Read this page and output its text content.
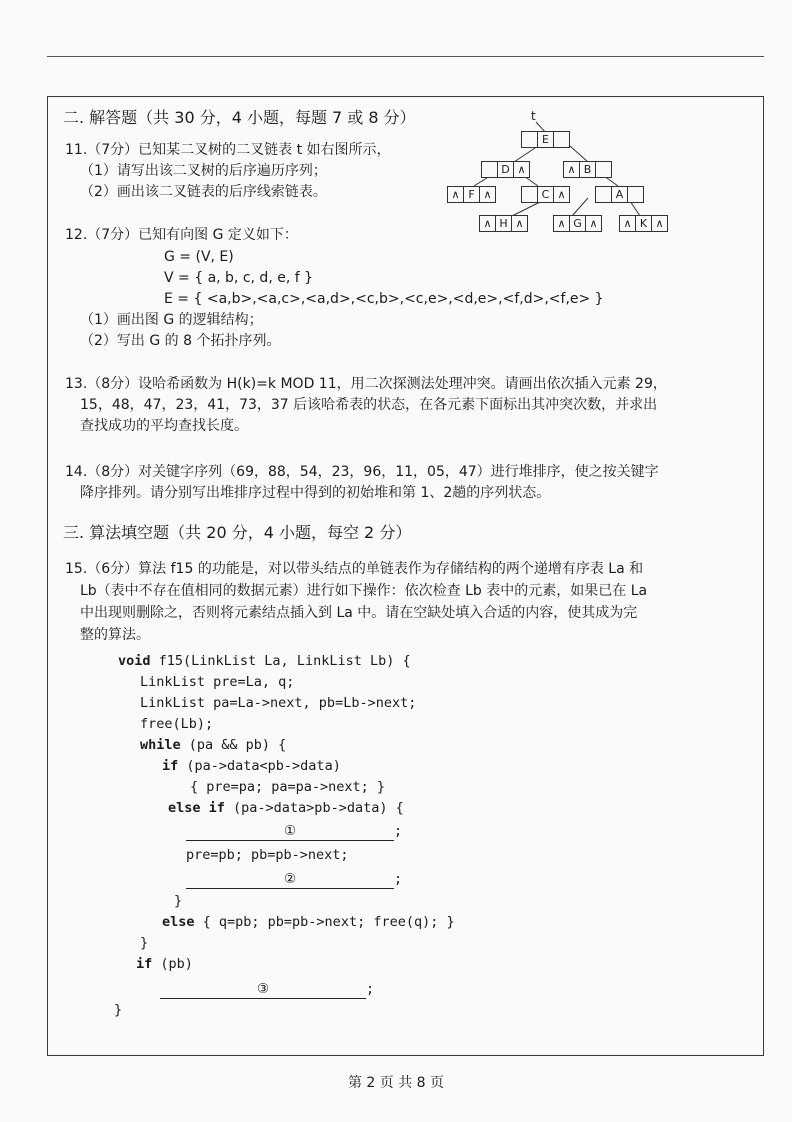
二. 解答题（共 30 分，4 小题，每题 7 或 8 分）
11.（7分）已知某二叉树的二叉链表 t 如右图所示，
（1）请写出该二叉树的后序遍历序列；
（2）画出该二叉链表的后序线索链表。
t
E
D ∧	∧ B
∧ F ∧	C ∧	A
∧ H ∧	∧ G ∧	∧ K ∧
12.（7分）已知有向图 G 定义如下：
G = (V, E)
V = { a, b, c, d, e, f }
E = { <a,b>,<a,c>,<a,d>,<c,b>,<c,e>,<d,e>,<f,d>,<f,e> }
（1）画出图 G 的逻辑结构；
（2）写出 G 的 8 个拓扑序列。
13.（8分）设哈希函数为 H(k)=k MOD 11，用二次探测法处理冲突。请画出依次插入元素 29，
15，48，47，23，41，73，37 后该哈希表的状态，在各元素下面标出其冲突次数，并求出
查找成功的平均查找长度。
14.（8分）对关键字序列（69，88，54，23，96，11，05，47）进行堆排序，使之按关键字
降序排列。请分别写出堆排序过程中得到的初始堆和第 1、2趟的序列状态。
三. 算法填空题（共 20 分，4 小题，每空 2 分）
15.（6分）算法 f15 的功能是，对以带头结点的单链表作为存储结构的两个递增有序表 La 和
Lb（表中不存在值相同的数据元素）进行如下操作：依次检查 Lb 表中的元素，如果已在 La
中出现则删除之，否则将元素结点插入到 La 中。请在空缺处填入合适的内容，使其成为完
整的算法。
void f15(LinkList La, LinkList Lb) {
LinkList pre=La, q;
LinkList pa=La->next, pb=Lb->next;
free(Lb);
while (pa && pb) {
if (pa->data<pb->data)
{ pre=pa; pa=pa->next; }
else if (pa->data>pb->data) {
①	;
pre=pb; pb=pb->next;
②	;
}
else { q=pb; pb=pb->next; free(q); }
}
if (pb)
③	;
}
第 2 页 共 8 页
